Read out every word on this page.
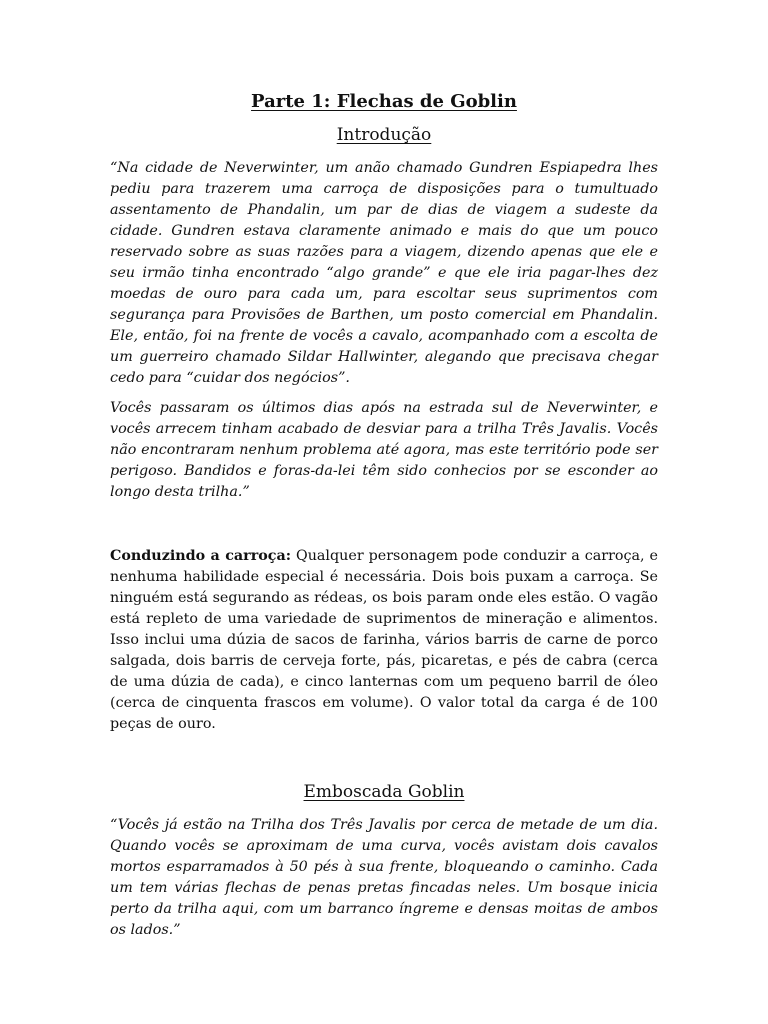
Parte 1: Flechas de Goblin
Introdução

“Na cidade de Neverwinter, um anão chamado Gundren Espiapedra lhes pediu para trazerem uma carroça de disposições para o tumultuado assentamento de Phandalin, um par de dias de viagem a sudeste da cidade. Gundren estava claramente animado e mais do que um pouco reservado sobre as suas razões para a viagem, dizendo apenas que ele e seu irmão tinha encontrado “algo grande” e que ele iria pagar-lhes dez moedas de ouro para cada um, para escoltar seus suprimentos com segurança para Provisões de Barthen, um posto comercial em Phandalin. Ele, então, foi na frente de vocês a cavalo, acompanhado com a escolta de um guerreiro chamado Sildar Hallwinter, alegando que precisava chegar cedo para “cuidar dos negócios”.

Vocês passaram os últimos dias após na estrada sul de Neverwinter, e vocês arrecem tinham acabado de desviar para a trilha Três Javalis. Vocês não encontraram nenhum problema até agora, mas este território pode ser perigoso. Bandidos e foras-da-lei têm sido conhecios por se esconder ao longo desta trilha.”

Conduzindo a carroça: Qualquer personagem pode conduzir a carroça, e nenhuma habilidade especial é necessária. Dois bois puxam a carroça. Se ninguém está segurando as rédeas, os bois param onde eles estão. O vagão está repleto de uma variedade de suprimentos de mineração e alimentos. Isso inclui uma dúzia de sacos de farinha, vários barris de carne de porco salgada, dois barris de cerveja forte, pás, picaretas, e pés de cabra (cerca de uma dúzia de cada), e cinco lanternas com um pequeno barril de óleo (cerca de cinquenta frascos em volume). O valor total da carga é de 100 peças de ouro.

Emboscada Goblin

“Vocês já estão na Trilha dos Três Javalis por cerca de metade de um dia. Quando vocês se aproximam de uma curva, vocês avistam dois cavalos mortos esparramados à 50 pés à sua frente, bloqueando o caminho. Cada um tem várias flechas de penas pretas fincadas neles. Um bosque inicia perto da trilha aqui, com um barranco íngreme e densas moitas de ambos os lados.”
